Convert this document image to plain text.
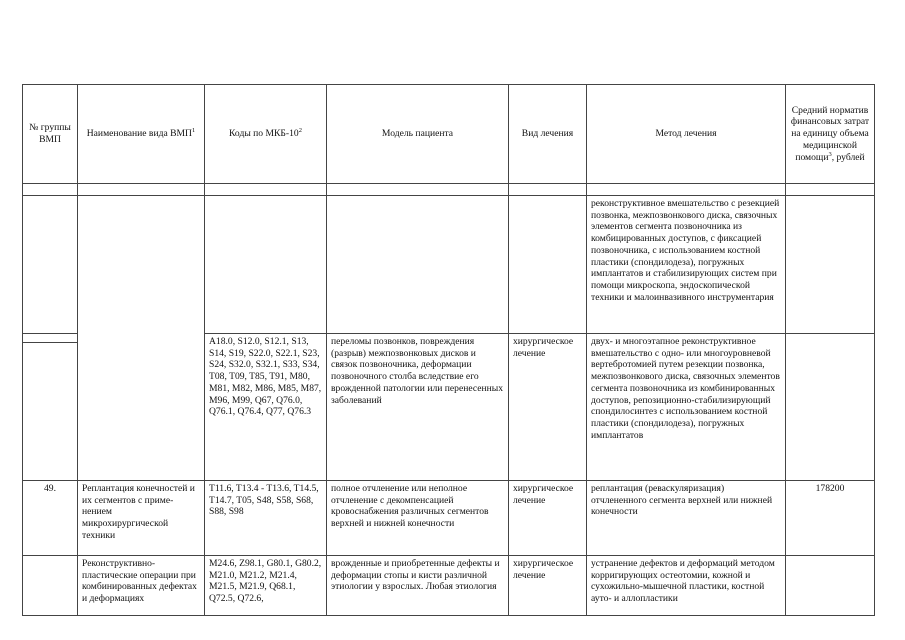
№ группы ВМП	Наименование вида ВМП$^1$	Коды по МКБ-$10^2$	Модель пациента	Вид лечения	Метод лечения	Средний норматив финансовых затрат на единицу объема медицинской помощи$^3$, рублей

					реконструктивное вмешательство с резекцией позвонка, межпозвонкового диска, связочных элементов сегмента позвоночника из комбицированных доступов, с фиксацией позвоночника, с использованием костной пластики (спондилодеза), погружных имплантатов и стабилизирующих систем при помощи микроскопа, эндоскопической техники и малоинвазивного инструментария	

		A18.0, S12.0, S12.1, S13, S14, S19, S22.0, S22.1, S23, S24, S32.0, S32.1, S33, S34, T08, T09, T85, T91, M80, M81, M82, M86, M85, M87, M96, M99, Q67, Q76.0, Q76.1, Q76.4, Q77, Q76.3	переломы позвонков, повреждения (разрыв) межпозвонковых дисков и связок позвоночника, деформации позвоночного столба вследствие его врожденной патологии или перенесенных заболеваний	хирургическое лечение	двух- и многоэтапное реконструктивное вмешательство с одно- или многоуровневой вертебротомией путем резекции позвонка, межпозвонкового диска, связочных элементов сегмента позвоночника из комбинированных доступов, репозиционно-стабилизирующий спондилосинтез с использованием костной пластики (спондилодеза), погружных имплантатов	
49.	Реплантация конечностей и их сегментов с применением микрохирургической техники	T11.6, T13.4 - T13.6, T14.5, T14.7, T05, S48, S58, S68, S88, S98	полное отчленение или неполное отчленение с декомпенсацией кровоснабжения различных сегментов верхней и нижней конечности	хирургическое лечение	реплантация (реваскуляризация) отчлененного сегмента верхней или нижней конечности	178200
	Реконструктивно-пластические операции при комбинированных дефектах и деформациях	M24.6, Z98.1, G80.1, G80.2, M21.0, M21.2, M21.4, M21.5, M21.9, Q68.1, Q72.5, Q72.6,	врожденные и приобретенные дефекты и деформации стопы и кисти различной этиологии у взрослых. Любая этиология	хирургическое лечение	устранение дефектов и деформаций методом корригирующих остеотомии, кожной и сухожильно-мышечной пластики, костной ауто- и аллопластики	
